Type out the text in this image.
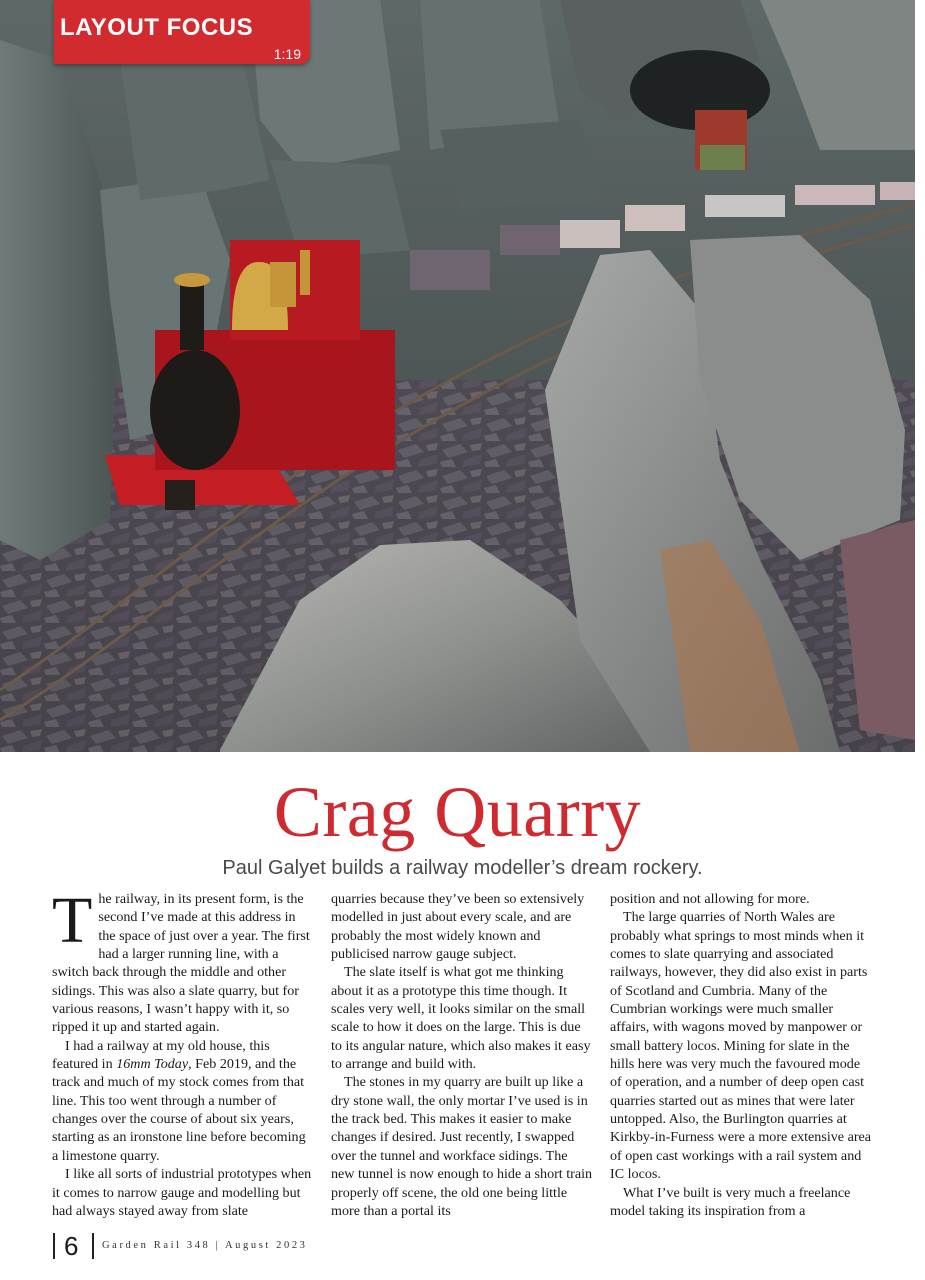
LAYOUT FOCUS
1:19
Crag Quarry
Paul Galyet builds a railway modeller’s dream rockery.

The railway, in its present form, is the second I’ve made at this address in the space of just over a year. The first had a larger running line, with a switch back through the middle and other sidings. This was also a slate quarry, but for various reasons, I wasn’t happy with it, so ripped it up and started again.

I had a railway at my old house, this featured in 16mm Today, Feb 2019, and the track and much of my stock comes from that line. This too went through a number of changes over the course of about six years, starting as an ironstone line before becoming a limestone quarry.

I like all sorts of industrial prototypes when it comes to narrow gauge and modelling but had always stayed away from slate

quarries because they’ve been so extensively modelled in just about every scale, and are probably the most widely known and publicised narrow gauge subject.

The slate itself is what got me thinking about it as a prototype this time though. It scales very well, it looks similar on the small scale to how it does on the large. This is due to its angular nature, which also makes it easy to arrange and build with.

The stones in my quarry are built up like a dry stone wall, the only mortar I’ve used is in the track bed. This makes it easier to make changes if desired. Just recently, I swapped over the tunnel and workface sidings. The new tunnel is now enough to hide a short train properly off scene, the old one being little more than a portal its

position and not allowing for more.

The large quarries of North Wales are probably what springs to most minds when it comes to slate quarrying and associated railways, however, they did also exist in parts of Scotland and Cumbria. Many of the Cumbrian workings were much smaller affairs, with wagons moved by manpower or small battery locos. Mining for slate in the hills here was very much the favoured mode of operation, and a number of deep open cast quarries started out as mines that were later untopped. Also, the Burlington quarries at Kirkby-in-Furness were a more extensive area of open cast workings with a rail system and IC locos.

What I’ve built is very much a freelance model taking its inspiration from a

6 Garden Rail 348 | August 2023
